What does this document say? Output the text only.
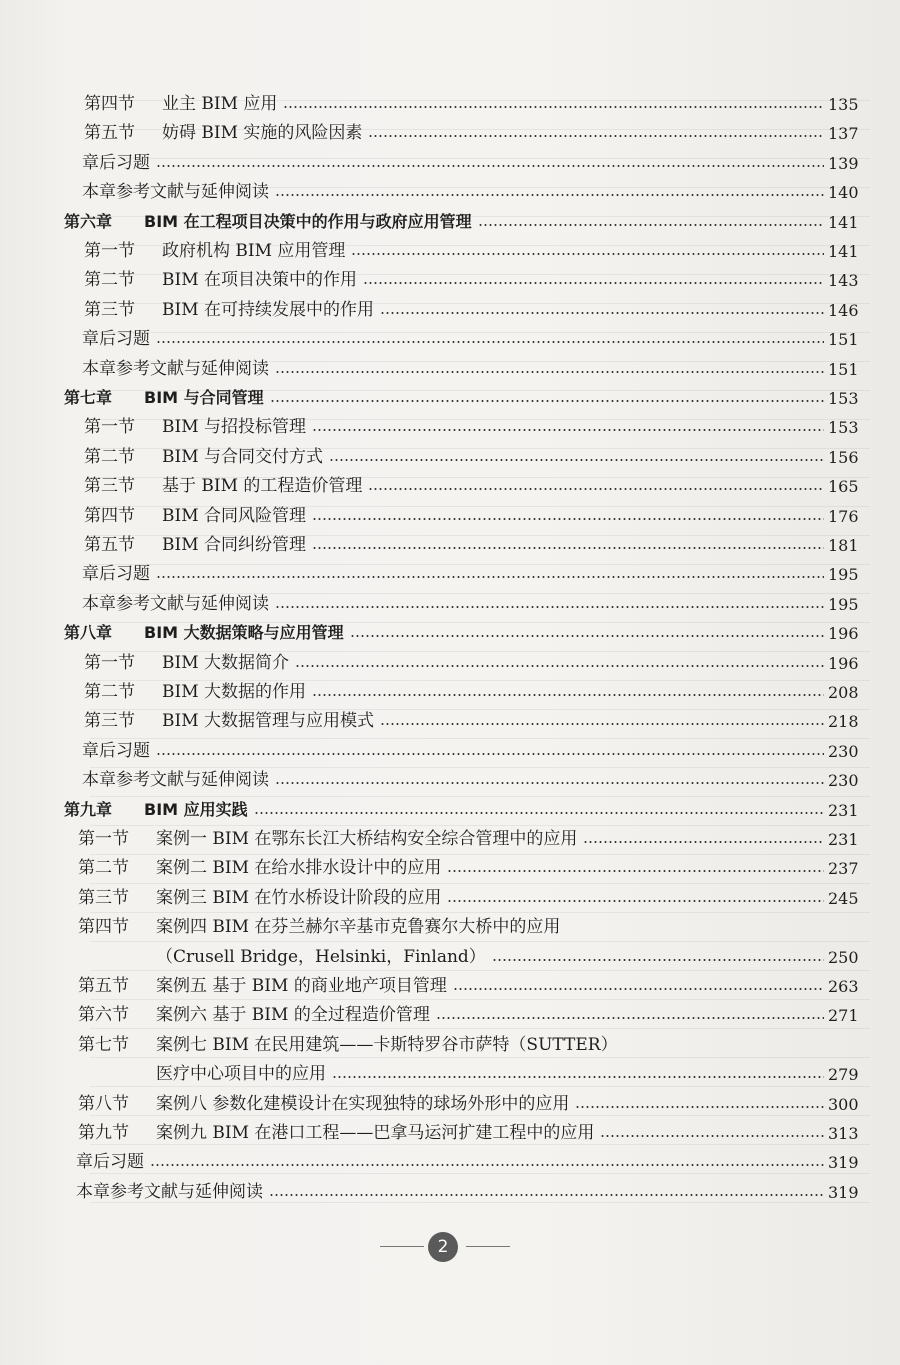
第四节	业主 BIM 应用	135
第五节	妨碍 BIM 实施的风险因素	137
章后习题	139
本章参考文献与延伸阅读	140
第六章	BIM 在工程项目决策中的作用与政府应用管理	141
第一节	政府机构 BIM 应用管理	141
第二节	BIM 在项目决策中的作用	143
第三节	BIM 在可持续发展中的作用	146
章后习题	151
本章参考文献与延伸阅读	151
第七章	BIM 与合同管理	153
第一节	BIM 与招投标管理	153
第二节	BIM 与合同交付方式	156
第三节	基于 BIM 的工程造价管理	165
第四节	BIM 合同风险管理	176
第五节	BIM 合同纠纷管理	181
章后习题	195
本章参考文献与延伸阅读	195
第八章	BIM 大数据策略与应用管理	196
第一节	BIM 大数据简介	196
第二节	BIM 大数据的作用	208
第三节	BIM 大数据管理与应用模式	218
章后习题	230
本章参考文献与延伸阅读	230
第九章	BIM 应用实践	231
第一节	案例一 BIM 在鄂东长江大桥结构安全综合管理中的应用	231
第二节	案例二 BIM 在给水排水设计中的应用	237
第三节	案例三 BIM 在竹水桥设计阶段的应用	245
第四节	案例四 BIM 在芬兰赫尔辛基市克鲁赛尔大桥中的应用
（Crusell Bridge，Helsinki，Finland）	250
第五节	案例五 基于 BIM 的商业地产项目管理	263
第六节	案例六 基于 BIM 的全过程造价管理	271
第七节	案例七 BIM 在民用建筑——卡斯特罗谷市萨特（SUTTER）
医疗中心项目中的应用	279
第八节	案例八 参数化建模设计在实现独特的球场外形中的应用	300
第九节	案例九 BIM 在港口工程——巴拿马运河扩建工程中的应用	313
章后习题	319
本章参考文献与延伸阅读	319
2
